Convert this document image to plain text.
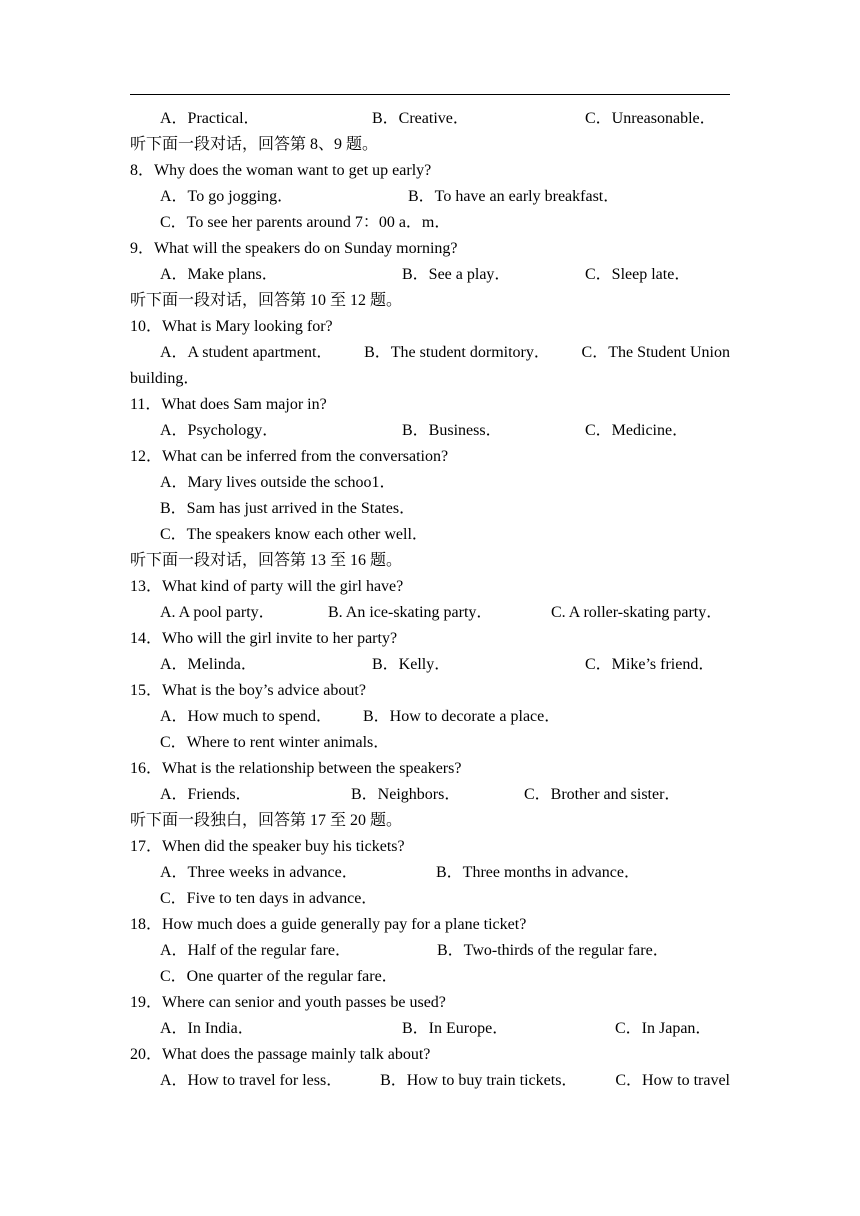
A．Practical．	B．Creative．	C．Unreasonable．
听下面一段对话，回答第 8、9 题。
8．Why does the woman want to get up early?
A．To go jogging．	B．To have an early breakfast．
C．To see her parents around 7：00 a．m．
9．What will the speakers do on Sunday morning?
A．Make plans．	B．See a play．	C．Sleep late．
听下面一段对话，回答第 10 至 12 题。
10．What is Mary looking for?
A．A student apartment． B．The student dormitory． C．The Student Union
building．
11．What does Sam major in?
A．Psychology．	B．Business．	C．Medicine．
12．What can be inferred from the conversation?
A．Mary lives outside the schoo1．
B．Sam has just arrived in the States．
C．The speakers know each other well．
听下面一段对话，回答第 13 至 16 题。
13．What kind of party will the girl have?
A. A pool party．	B. An ice-skating party．	C. A roller-skating party．
14．Who will the girl invite to her party?
A．Melinda．	B．Kelly．	C．Mike’s friend．
15．What is the boy’s advice about?
A．How much to spend． B．How to decorate a place．
C．Where to rent winter animals．
16．What is the relationship between the speakers?
A．Friends．	B．Neighbors．	C．Brother and sister．
听下面一段独白，回答第 17 至 20 题。
17．When did the speaker buy his tickets?
A．Three weeks in advance．	B．Three months in advance．
C．Five to ten days in advance．
18．How much does a guide generally pay for a plane ticket?
A．Half of the regular fare．	B．Two-thirds of the regular fare．
C．One quarter of the regular fare．
19．Where can senior and youth passes be used?
A．In India．	B．In Europe．	C．In Japan．
20．What does the passage mainly talk about?
A．How to travel for less． B．How to buy train tickets． C．How to travel
